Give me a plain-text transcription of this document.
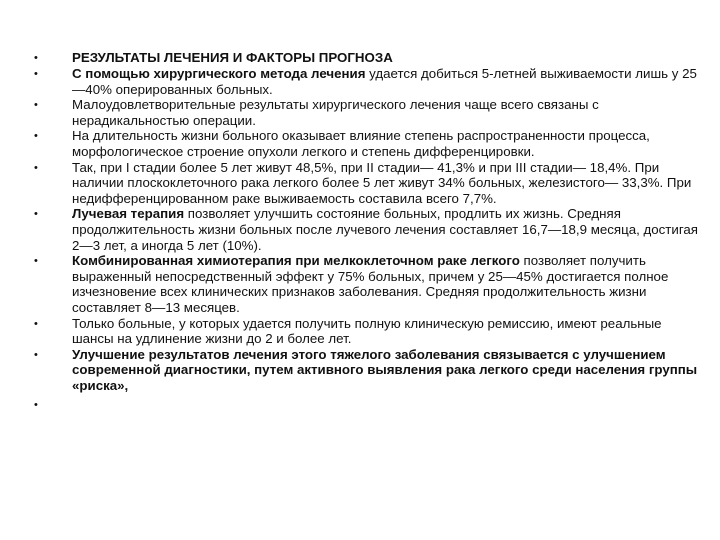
•	РЕЗУЛЬТАТЫ ЛЕЧЕНИЯ И ФАКТОРЫ ПРОГНОЗА
•	С помощью хирургического метода лечения удается добиться 5-летней выживаемости лишь у 25—40% оперированных больных.
•	Малоудовлетворительные результаты хирургического лечения чаще всего связаны с нерадикальностью операции.
•	На длительность жизни больного оказывает влияние степень распространенности процесса, морфологическое строение опухоли легкого и степень дифференцировки.
•	Так, при I стадии более 5 лет живут 48,5%, при II стадии— 41,3% и при III стадии— 18,4%. При наличии плоскоклеточного рака легкого более 5 лет живут 34% больных, железистого— 33,3%. При недифференцированном раке выживаемость составила всего 7,7%.
•	Лучевая терапия позволяет улучшить состояние больных, продлить их жизнь. Средняя продолжительность жизни больных после лучевого лечения составляет 16,7—18,9 месяца, достигая 2—3 лет, а иногда 5 лет (10%).
•	Комбинированная химиотерапия при мелкоклеточном раке легкого позволяет получить выраженный непосредственный эффект у 75% больных, причем у 25—45% достигается полное изчезновение всех клинических признаков заболевания. Средняя продолжительность жизни составляет 8—13 месяцев.
•	Только больные, у которых удается получить полную клиническую ремиссию, имеют реальные шансы на удлинение жизни до 2 и более лет.
•	Улучшение результатов лечения этого тяжелого заболевания связывается с улучшением современной диагностики, путем активного выявления рака легкого среди населения группы «риска»,
•
